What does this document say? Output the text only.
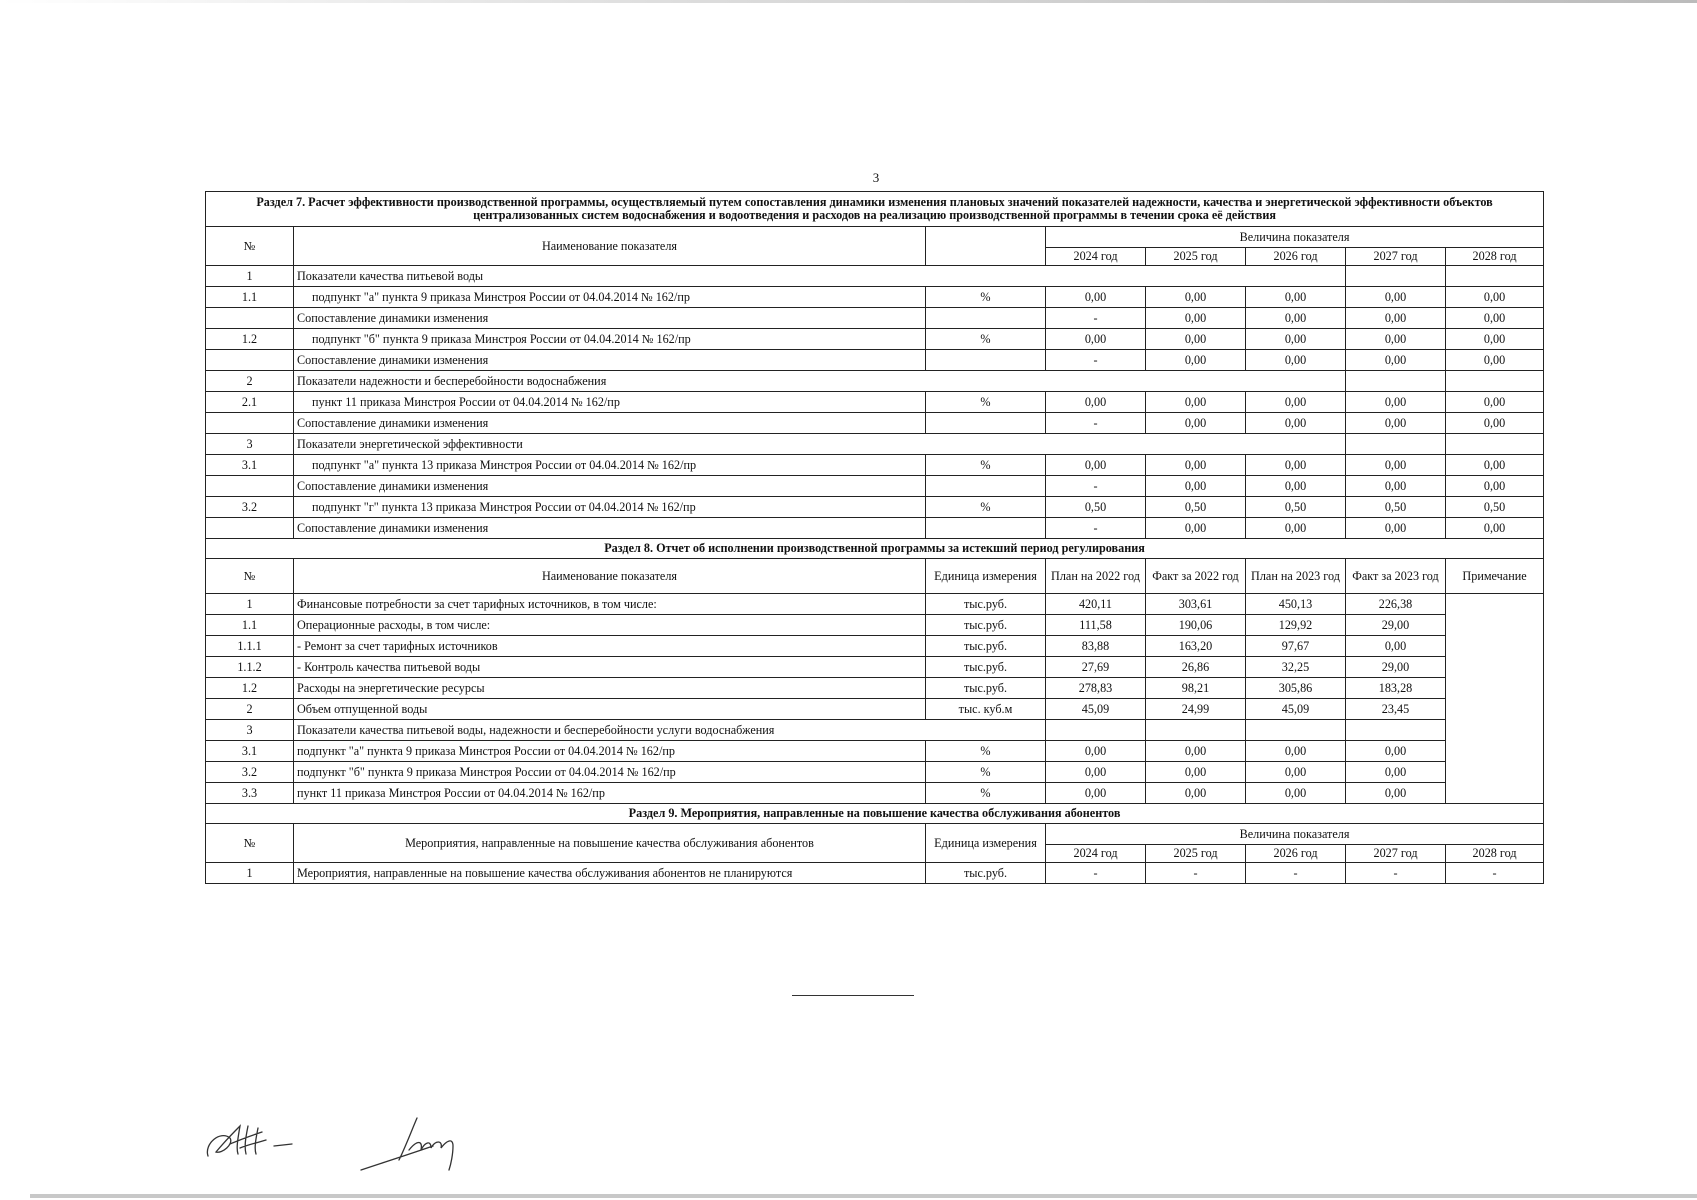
3
Раздел 7. Расчет эффективности производственной программы, осуществляемый путем сопоставления динамики изменения плановых значений показателей надежности, качества и энергетической эффективности объектов централизованных систем водоснабжения и водоотведения и расходов на реализацию производственной программы в течении срока её действия							
№	Наименование показателя		Величина показателя				
			2024 год	2025 год	2026 год	2027 год	2028 год
1	Показатели качества питьевой воды						
1.1	подпункт "а" пункта 9 приказа Минстроя России от 04.04.2014 № 162/пр	%	0,00	0,00	0,00	0,00	0,00
	Сопоставление динамики изменения		-	0,00	0,00	0,00	0,00
1.2	подпункт "б" пункта 9 приказа Минстроя России от 04.04.2014 № 162/пр	%	0,00	0,00	0,00	0,00	0,00
	Сопоставление динамики изменения		-	0,00	0,00	0,00	0,00
2	Показатели надежности и бесперебойности водоснабжения						
2.1	пункт 11 приказа Минстроя России от 04.04.2014 № 162/пр	%	0,00	0,00	0,00	0,00	0,00
	Сопоставление динамики изменения		-	0,00	0,00	0,00	0,00
3	Показатели энергетической эффективности						
3.1	подпункт "а" пункта 13 приказа Минстроя России от 04.04.2014 № 162/пр	%	0,00	0,00	0,00	0,00	0,00
	Сопоставление динамики изменения		-	0,00	0,00	0,00	0,00
3.2	подпункт "г" пункта 13 приказа Минстроя России от 04.04.2014 № 162/пр	%	0,50	0,50	0,50	0,50	0,50
	Сопоставление динамики изменения		-	0,00	0,00	0,00	0,00
Раздел 8. Отчет об исполнении производственной программы за истекший период регулирования							
№	Наименование показателя	Единица измерения	План на 2022 год	Факт за 2022 год	План на 2023 год	Факт за 2023 год	Примечание
1	Финансовые потребности за счет тарифных источников, в том числе:	тыс.руб.	420,11	303,61	450,13	226,38	
1.1	Операционные расходы, в том числе:	тыс.руб.	111,58	190,06	129,92	29,00	
1.1.1	- Ремонт за счет тарифных источников	тыс.руб.	83,88	163,20	97,67	0,00	
1.1.2	- Контроль качества питьевой воды	тыс.руб.	27,69	26,86	32,25	29,00	
1.2	Расходы на энергетические ресурсы	тыс.руб.	278,83	98,21	305,86	183,28	
2	Объем отпущенной воды	тыс. куб.м	45,09	24,99	45,09	23,45	
3	Показатели качества питьевой воды, надежности и бесперебойности услуги водоснабжения						
3.1	подпункт "а" пункта 9 приказа Минстроя России от 04.04.2014 № 162/пр	%	0,00	0,00	0,00	0,00	
3.2	подпункт "б" пункта 9 приказа Минстроя России от 04.04.2014 № 162/пр	%	0,00	0,00	0,00	0,00	
3.3	пункт 11 приказа Минстроя России от 04.04.2014 № 162/пр	%	0,00	0,00	0,00	0,00	
Раздел 9. Мероприятия, направленные на повышение качества обслуживания абонентов							
№	Мероприятия, направленные на повышение качества обслуживания абонентов	Единица измерения	Величина показателя				
			2024 год	2025 год	2026 год	2027 год	2028 год
1	Мероприятия, направленные на повышение качества обслуживания абонентов не планируются	тыс.руб.	-	-	-	-	-
